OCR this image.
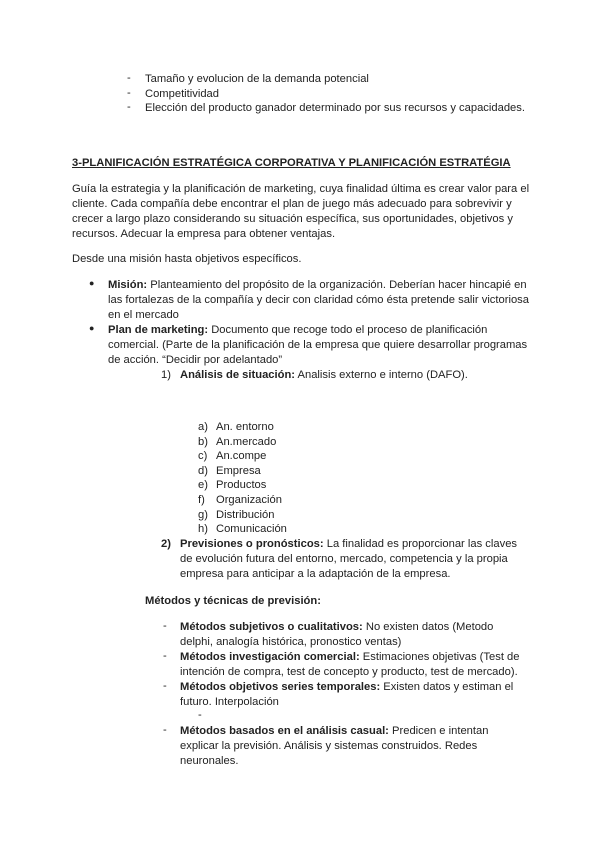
- Tamaño y evolucion de la demanda potencial
- Competitividad
- Elección del producto ganador determinado por sus recursos y capacidades.
3-PLANIFICACIÓN ESTRATÉGICA CORPORATIVA Y PLANIFICACIÓN ESTRATÉGIA
Guía la estrategia y la planificación de marketing, cuya finalidad última es crear valor para el
cliente. Cada compañía debe encontrar el plan de juego más adecuado para sobrevivir y
crecer a largo plazo considerando su situación específica, sus oportunidades, objetivos y
recursos. Adecuar la empresa para obtener ventajas.
Desde una misión hasta objetivos específicos.
● Misión: Planteamiento del propósito de la organización. Deberían hacer hincapié en
las fortalezas de la compañía y decir con claridad cómo ésta pretende salir victoriosa
en el mercado
● Plan de marketing: Documento que recoge todo el proceso de planificación
comercial. (Parte de la planificación de la empresa que quiere desarrollar programas
de acción. “Decidir por adelantado”
1) Análisis de situación: Analisis externo e interno (DAFO).
a) An. entorno
b) An.mercado
c) An.compe
d) Empresa
e) Productos
f) Organización
g) Distribución
h) Comunicación
2) Previsiones o pronósticos: La finalidad es proporcionar las claves
de evolución futura del entorno, mercado, competencia y la propia
empresa para anticipar a la adaptación de la empresa.
Métodos y técnicas de previsión:
- Métodos subjetivos o cualitativos: No existen datos (Metodo
delphi, analogía histórica, pronostico ventas)
- Métodos investigación comercial: Estimaciones objetivas (Test de
intención de compra, test de concepto y producto, test de mercado).
- Métodos objetivos series temporales: Existen datos y estiman el
futuro. Interpolación
-
- Métodos basados en el análisis casual: Predicen e intentan
explicar la previsión. Análisis y sistemas construidos. Redes
neuronales.
